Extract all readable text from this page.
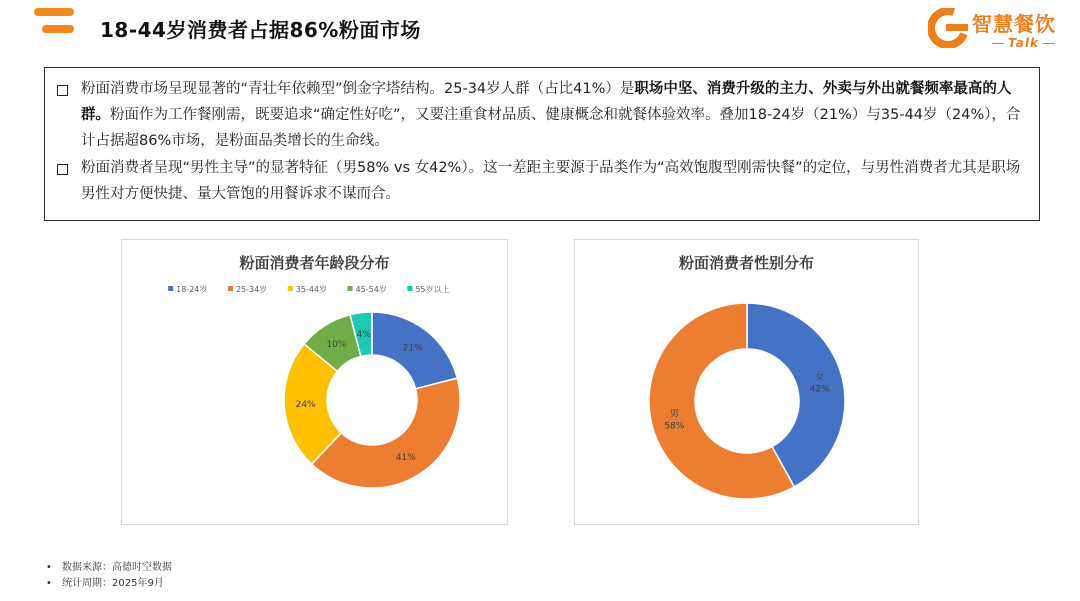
18-44岁消费者占据86%粉面市场	智慧餐饮
Talk
粉面消费市场呈现显著的“青壮年依赖型”倒金字塔结构。25-34岁人群（占比41%）是职场中坚、消费升级的主力、外卖与外出就餐频率最高的人群。粉面作为工作餐刚需，既要追求“确定性好吃”，又要注重食材品质、健康概念和就餐体验效率。叠加18-24岁（21%）与35-44岁（24%），合计占据超86%市场，是粉面品类增长的生命线。
粉面消费者呈现“男性主导”的显著特征（男58% vs 女42%）。这一差距主要源于品类作为“高效饱腹型刚需快餐”的定位，与男性消费者尤其是职场男性对方便快捷、量大管饱的用餐诉求不谋而合。
粉面消费者年龄段分布
18-24岁	25-34岁	35-44岁	45-54岁	55岁以上
21%
41%
24%
10%
4%
粉面消费者性别分布
女
42%
男
58%
• 数据来源：高德时空数据
• 统计周期：2025年9月
